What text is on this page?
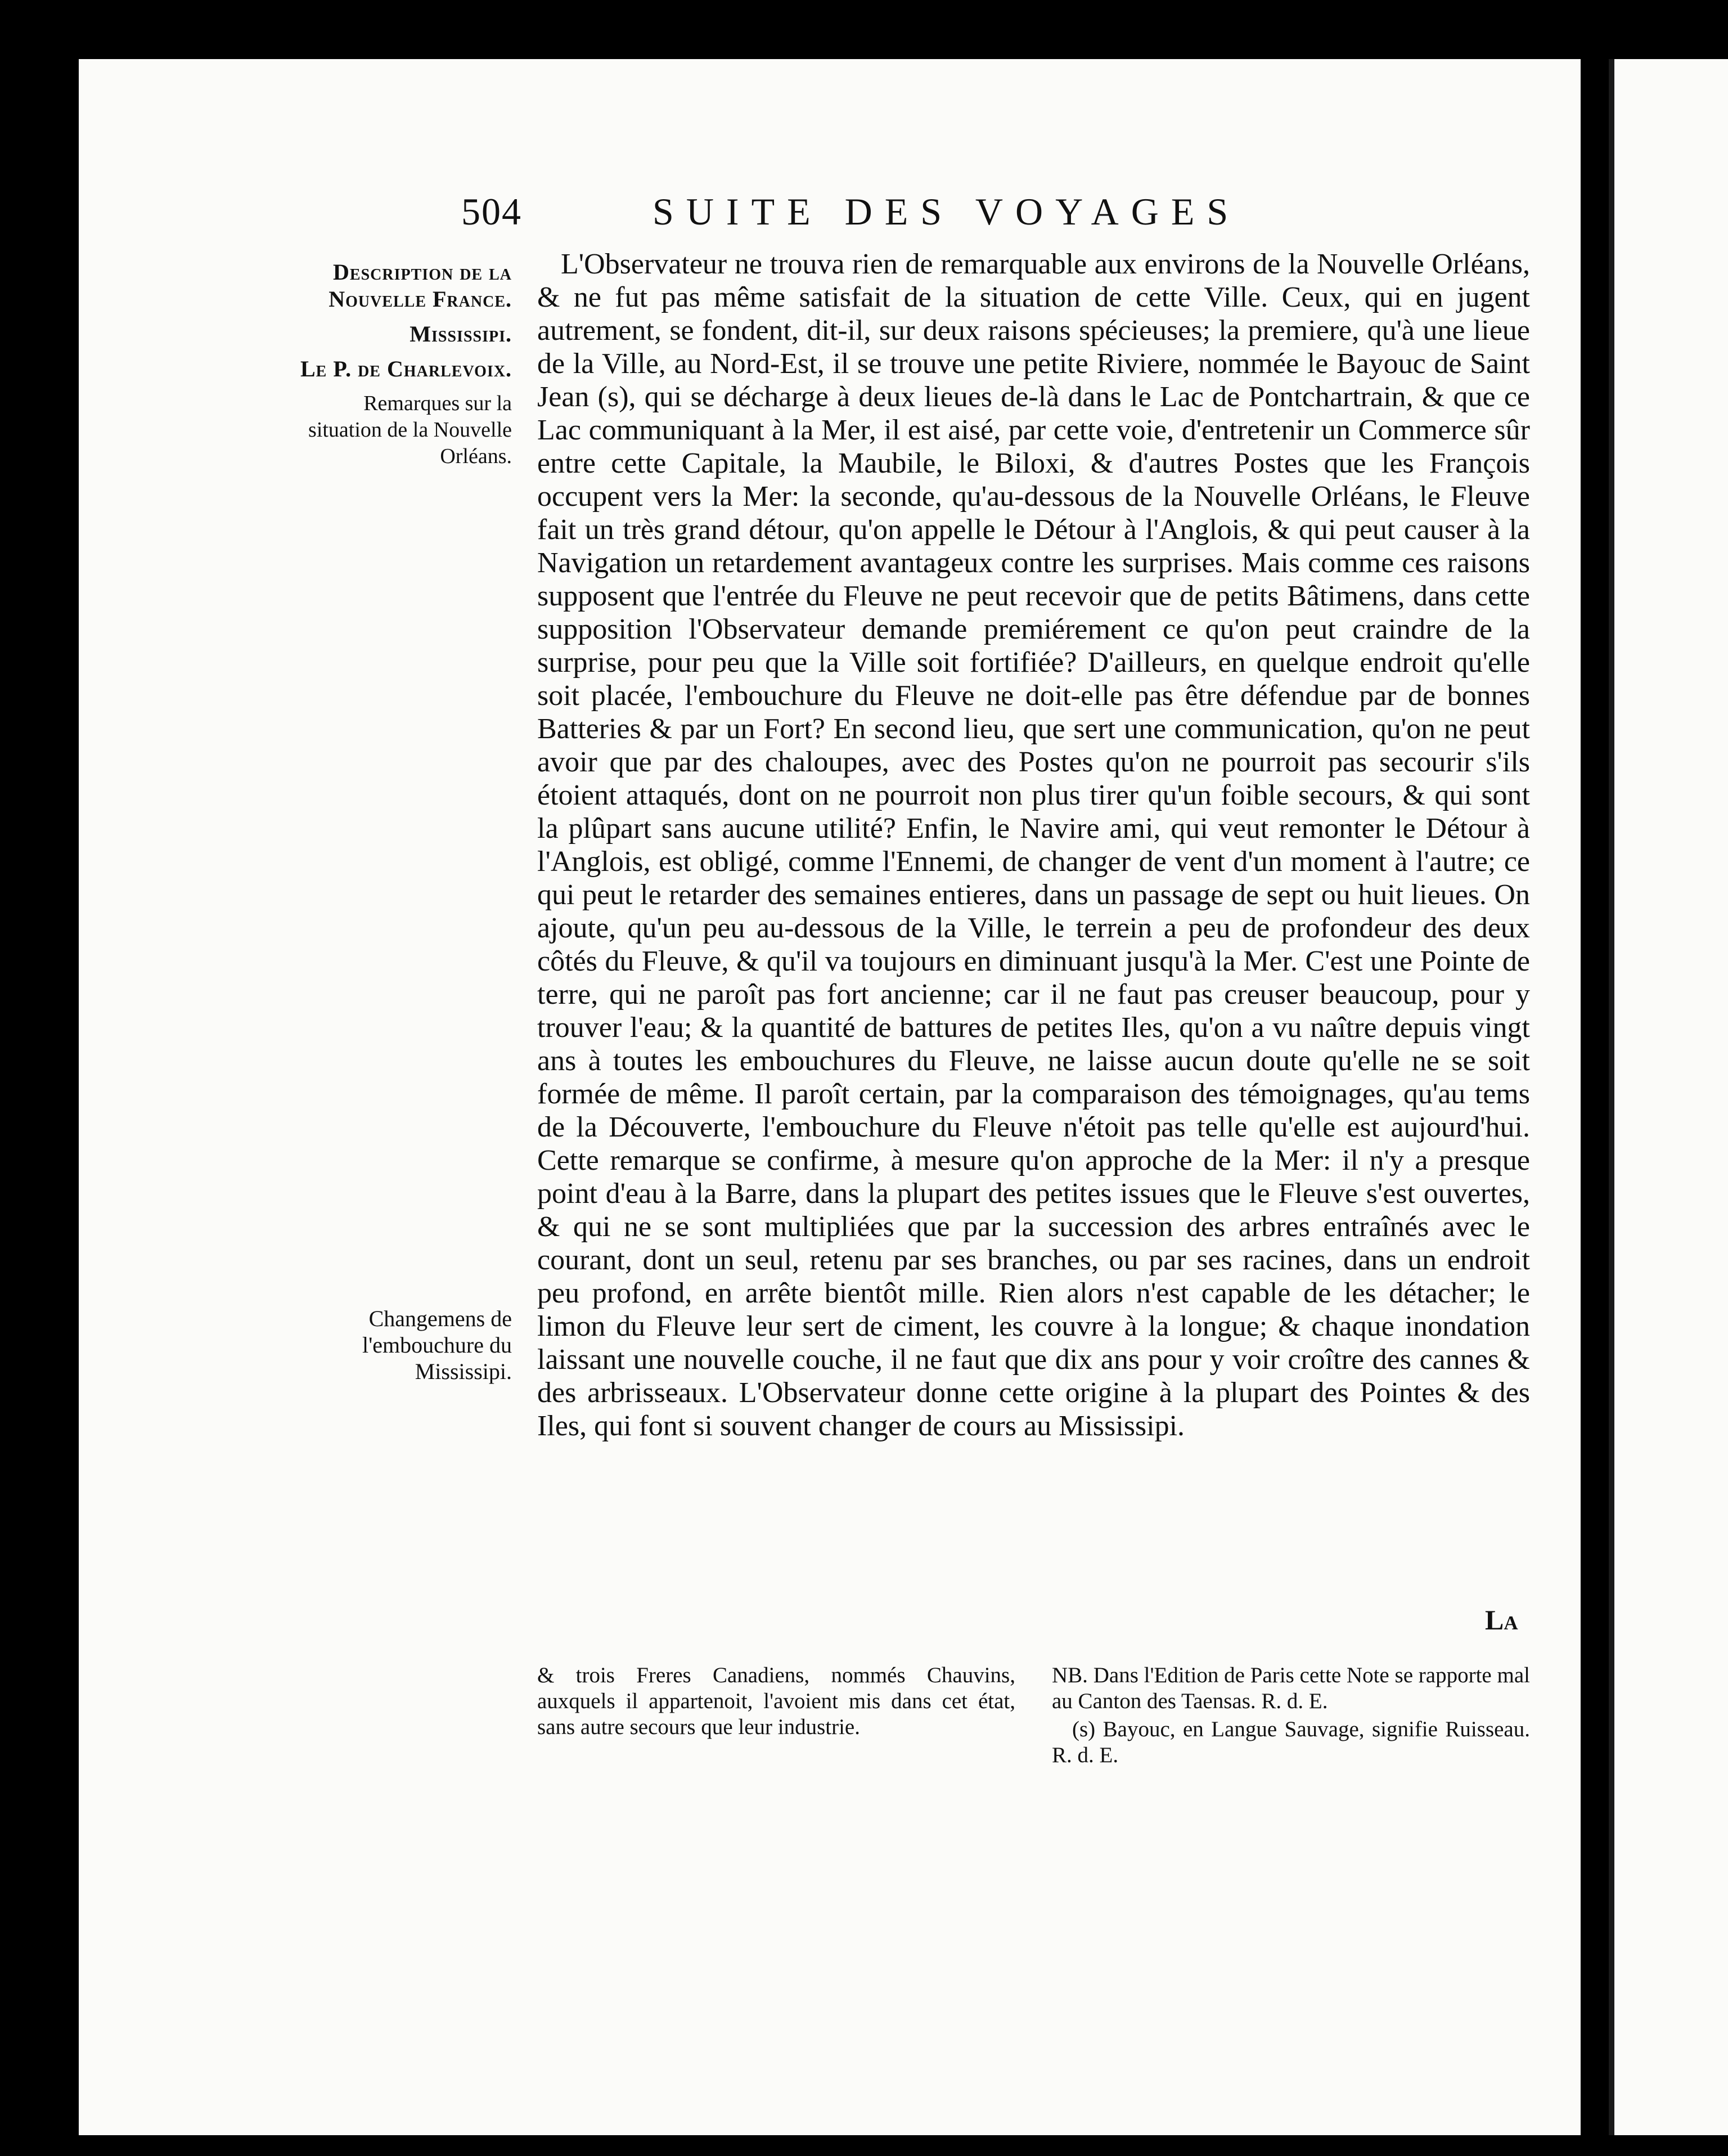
504	SUITE DES VOYAGES

Description de la Nouvelle France.

Mississipi.

Le P. de Charlevoix.

Remarques sur la situation de la Nouvelle Orléans.

Changemens de l'embouchure du Mississipi.

L'Observateur ne trouva rien de remarquable aux environs de la Nouvelle Orléans, & ne fut pas même satisfait de la situation de cette Ville. Ceux, qui en jugent autrement, se fondent, dit-il, sur deux raisons spécieuses; la premiere, qu'à une lieue de la Ville, au Nord-Est, il se trouve une petite Riviere, nommée le Bayouc de Saint Jean (s), qui se décharge à deux lieues de-là dans le Lac de Pontchartrain, & que ce Lac communiquant à la Mer, il est aisé, par cette voie, d'entretenir un Commerce sûr entre cette Capitale, la Maubile, le Biloxi, & d'autres Postes que les François occupent vers la Mer: la seconde, qu'au-dessous de la Nouvelle Orléans, le Fleuve fait un très grand détour, qu'on appelle le Détour à l'Anglois, & qui peut causer à la Navigation un retardement avantageux contre les surprises. Mais comme ces raisons supposent que l'entrée du Fleuve ne peut recevoir que de petits Bâtimens, dans cette supposition l'Observateur demande premiérement ce qu'on peut craindre de la surprise, pour peu que la Ville soit fortifiée? D'ailleurs, en quelque endroit qu'elle soit placée, l'embouchure du Fleuve ne doit-elle pas être défendue par de bonnes Batteries & par un Fort? En second lieu, que sert une communication, qu'on ne peut avoir que par des chaloupes, avec des Postes qu'on ne pourroit pas secourir s'ils étoient attaqués, dont on ne pourroit non plus tirer qu'un foible secours, & qui sont la plûpart sans aucune utilité? Enfin, le Navire ami, qui veut remonter le Détour à l'Anglois, est obligé, comme l'Ennemi, de changer de vent d'un moment à l'autre; ce qui peut le retarder des semaines entieres, dans un passage de sept ou huit lieues. On ajoute, qu'un peu au-dessous de la Ville, le terrein a peu de profondeur des deux côtés du Fleuve, & qu'il va toujours en diminuant jusqu'à la Mer. C'est une Pointe de terre, qui ne paroît pas fort ancienne; car il ne faut pas creuser beaucoup, pour y trouver l'eau; & la quantité de battures de petites Iles, qu'on a vu naître depuis vingt ans à toutes les embouchures du Fleuve, ne laisse aucun doute qu'elle ne se soit formée de même. Il paroît certain, par la comparaison des témoignages, qu'au tems de la Découverte, l'embouchure du Fleuve n'étoit pas telle qu'elle est aujourd'hui. Cette remarque se confirme, à mesure qu'on approche de la Mer: il n'y a presque point d'eau à la Barre, dans la plupart des petites issues que le Fleuve s'est ouvertes, & qui ne se sont multipliées que par la succession des arbres entraînés avec le courant, dont un seul, retenu par ses branches, ou par ses racines, dans un endroit peu profond, en arrête bientôt mille. Rien alors n'est capable de les détacher; le limon du Fleuve leur sert de ciment, les couvre à la longue; & chaque inondation laissant une nouvelle couche, il ne faut que dix ans pour y voir croître des cannes & des arbrisseaux. L'Observateur donne cette origine à la plupart des Pointes & des Iles, qui font si souvent changer de cours au Mississipi.

La

& trois Freres Canadiens, nommés Chauvins, auxquels il appartenoit, l'avoient mis dans cet état, sans autre secours que leur industrie.

NB. Dans l'Edition de Paris cette Note se rapporte mal au Canton des Taensas. R. d. E.

(s) Bayouc, en Langue Sauvage, signifie Ruisseau. R. d. E.
